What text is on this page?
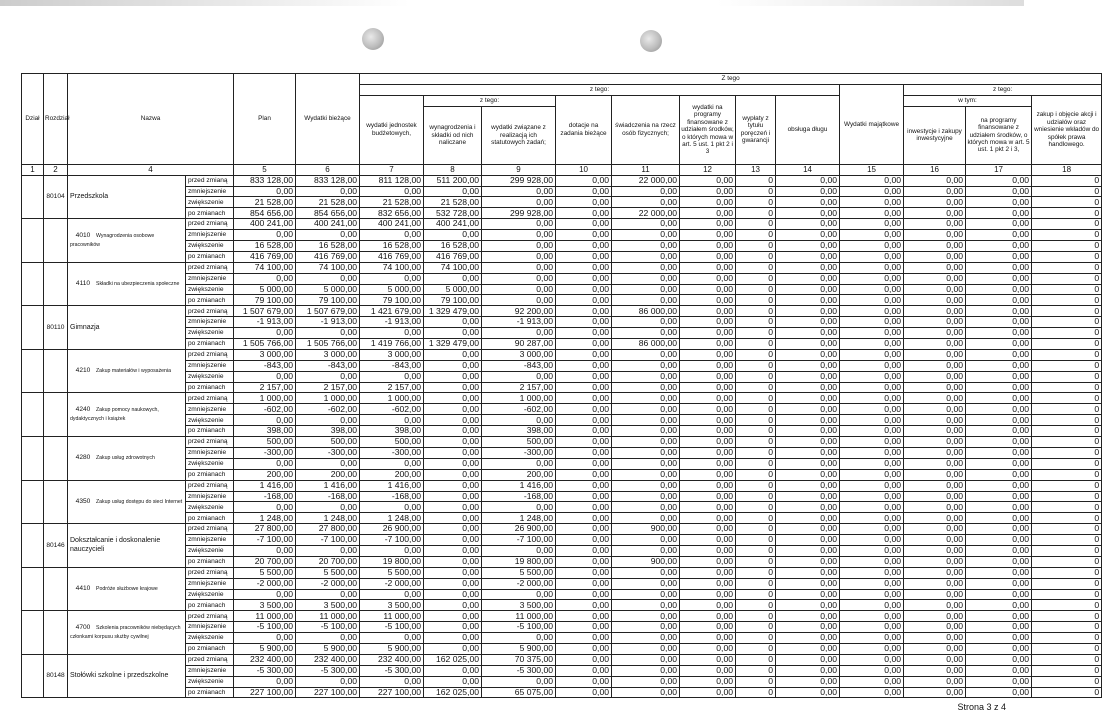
Dział	Rozdział	Nazwa		Plan	Wydatki bieżące	Z tego											
						z tego:								Wydatki majątkowe	z tego:		
						wydatki jednostek budżetowych,	z tego:		dotacje na zadania bieżące	świadczenia na rzecz osób fizycznych;	wydatki na programy finansowane z udziałem środków, o których mowa w art. 5 ust. 1 pkt 2 i 3	wypłaty z tytułu poręczeń i gwarancji	obsługa długu		w tym:		zakup i objęcie akcji i udziałów oraz wniesienie wkładów do spółek prawa handlowego.
							wynagrodzenia i składki od nich naliczane	wydatki związane z realizacją ich statutowych zadań;							inwestycje i zakupy inwestycyjne	na programy finansowane z udziałem środków, o których mowa w art. 5 ust. 1 pkt 2 i 3,	
1	2	4		5	6	7	8	9	10	11	12	13	14	15	16	17	18
	80104	Przedszkola	przed zmianą	833 128,00	833 128,00	811 128,00	511 200,00	299 928,00	0,00	22 000,00	0,00	0	0,00	0,00	0,00	0,00	0
			zmniejszenie	0,00	0,00	0,00	0,00	0,00	0,00	0,00	0,00	0	0,00	0,00	0,00	0,00	0
			zwiększenie	21 528,00	21 528,00	21 528,00	21 528,00	0,00	0,00	0,00	0,00	0	0,00	0,00	0,00	0,00	0
			po zmianach	854 656,00	854 656,00	832 656,00	532 728,00	299 928,00	0,00	22 000,00	0,00	0	0,00	0,00	0,00	0,00	0
		4010 Wynagrodzenia osobowe pracowników	przed zmianą	400 241,00	400 241,00	400 241,00	400 241,00	0,00	0,00	0,00	0,00	0	0,00	0,00	0,00	0,00	0
			zmniejszenie	0,00	0,00	0,00	0,00	0,00	0,00	0,00	0,00	0	0,00	0,00	0,00	0,00	0
			zwiększenie	16 528,00	16 528,00	16 528,00	16 528,00	0,00	0,00	0,00	0,00	0	0,00	0,00	0,00	0,00	0
			po zmianach	416 769,00	416 769,00	416 769,00	416 769,00	0,00	0,00	0,00	0,00	0	0,00	0,00	0,00	0,00	0
		4110 Składki na ubezpieczenia społeczne	przed zmianą	74 100,00	74 100,00	74 100,00	74 100,00	0,00	0,00	0,00	0,00	0	0,00	0,00	0,00	0,00	0
			zmniejszenie	0,00	0,00	0,00	0,00	0,00	0,00	0,00	0,00	0	0,00	0,00	0,00	0,00	0
			zwiększenie	5 000,00	5 000,00	5 000,00	5 000,00	0,00	0,00	0,00	0,00	0	0,00	0,00	0,00	0,00	0
			po zmianach	79 100,00	79 100,00	79 100,00	79 100,00	0,00	0,00	0,00	0,00	0	0,00	0,00	0,00	0,00	0
	80110	Gimnazja	przed zmianą	1 507 679,00	1 507 679,00	1 421 679,00	1 329 479,00	92 200,00	0,00	86 000,00	0,00	0	0,00	0,00	0,00	0,00	0
			zmniejszenie	-1 913,00	-1 913,00	-1 913,00	0,00	-1 913,00	0,00	0,00	0,00	0	0,00	0,00	0,00	0,00	0
			zwiększenie	0,00	0,00	0,00	0,00	0,00	0,00	0,00	0,00	0	0,00	0,00	0,00	0,00	0
			po zmianach	1 505 766,00	1 505 766,00	1 419 766,00	1 329 479,00	90 287,00	0,00	86 000,00	0,00	0	0,00	0,00	0,00	0,00	0
		4210 Zakup materiałów i wyposażenia	przed zmianą	3 000,00	3 000,00	3 000,00	0,00	3 000,00	0,00	0,00	0,00	0	0,00	0,00	0,00	0,00	0
			zmniejszenie	-843,00	-843,00	-843,00	0,00	-843,00	0,00	0,00	0,00	0	0,00	0,00	0,00	0,00	0
			zwiększenie	0,00	0,00	0,00	0,00	0,00	0,00	0,00	0,00	0	0,00	0,00	0,00	0,00	0
			po zmianach	2 157,00	2 157,00	2 157,00	0,00	2 157,00	0,00	0,00	0,00	0	0,00	0,00	0,00	0,00	0
		4240 Zakup pomocy naukowych, dydaktycznych i książek	przed zmianą	1 000,00	1 000,00	1 000,00	0,00	1 000,00	0,00	0,00	0,00	0	0,00	0,00	0,00	0,00	0
			zmniejszenie	-602,00	-602,00	-602,00	0,00	-602,00	0,00	0,00	0,00	0	0,00	0,00	0,00	0,00	0
			zwiększenie	0,00	0,00	0,00	0,00	0,00	0,00	0,00	0,00	0	0,00	0,00	0,00	0,00	0
			po zmianach	398,00	398,00	398,00	0,00	398,00	0,00	0,00	0,00	0	0,00	0,00	0,00	0,00	0
		4280 Zakup usług zdrowotnych	przed zmianą	500,00	500,00	500,00	0,00	500,00	0,00	0,00	0,00	0	0,00	0,00	0,00	0,00	0
			zmniejszenie	-300,00	-300,00	-300,00	0,00	-300,00	0,00	0,00	0,00	0	0,00	0,00	0,00	0,00	0
			zwiększenie	0,00	0,00	0,00	0,00	0,00	0,00	0,00	0,00	0	0,00	0,00	0,00	0,00	0
			po zmianach	200,00	200,00	200,00	0,00	200,00	0,00	0,00	0,00	0	0,00	0,00	0,00	0,00	0
		4350 Zakup usług dostępu do sieci Internet	przed zmianą	1 416,00	1 416,00	1 416,00	0,00	1 416,00	0,00	0,00	0,00	0	0,00	0,00	0,00	0,00	0
			zmniejszenie	-168,00	-168,00	-168,00	0,00	-168,00	0,00	0,00	0,00	0	0,00	0,00	0,00	0,00	0
			zwiększenie	0,00	0,00	0,00	0,00	0,00	0,00	0,00	0,00	0	0,00	0,00	0,00	0,00	0
			po zmianach	1 248,00	1 248,00	1 248,00	0,00	1 248,00	0,00	0,00	0,00	0	0,00	0,00	0,00	0,00	0
	80146	Dokształcanie i doskonalenie nauczycieli	przed zmianą	27 800,00	27 800,00	26 900,00	0,00	26 900,00	0,00	900,00	0,00	0	0,00	0,00	0,00	0,00	0
			zmniejszenie	-7 100,00	-7 100,00	-7 100,00	0,00	-7 100,00	0,00	0,00	0,00	0	0,00	0,00	0,00	0,00	0
			zwiększenie	0,00	0,00	0,00	0,00	0,00	0,00	0,00	0,00	0	0,00	0,00	0,00	0,00	0
			po zmianach	20 700,00	20 700,00	19 800,00	0,00	19 800,00	0,00	900,00	0,00	0	0,00	0,00	0,00	0,00	0
		4410 Podróże służbowe krajowe	przed zmianą	5 500,00	5 500,00	5 500,00	0,00	5 500,00	0,00	0,00	0,00	0	0,00	0,00	0,00	0,00	0
			zmniejszenie	-2 000,00	-2 000,00	-2 000,00	0,00	-2 000,00	0,00	0,00	0,00	0	0,00	0,00	0,00	0,00	0
			zwiększenie	0,00	0,00	0,00	0,00	0,00	0,00	0,00	0,00	0	0,00	0,00	0,00	0,00	0
			po zmianach	3 500,00	3 500,00	3 500,00	0,00	3 500,00	0,00	0,00	0,00	0	0,00	0,00	0,00	0,00	0
		4700 Szkolenia pracowników niebędących członkami korpusu służby cywilnej	przed zmianą	11 000,00	11 000,00	11 000,00	0,00	11 000,00	0,00	0,00	0,00	0	0,00	0,00	0,00	0,00	0
			zmniejszenie	-5 100,00	-5 100,00	-5 100,00	0,00	-5 100,00	0,00	0,00	0,00	0	0,00	0,00	0,00	0,00	0
			zwiększenie	0,00	0,00	0,00	0,00	0,00	0,00	0,00	0,00	0	0,00	0,00	0,00	0,00	0
			po zmianach	5 900,00	5 900,00	5 900,00	0,00	5 900,00	0,00	0,00	0,00	0	0,00	0,00	0,00	0,00	0
	80148	Stołówki szkolne i przedszkolne	przed zmianą	232 400,00	232 400,00	232 400,00	162 025,00	70 375,00	0,00	0,00	0,00	0	0,00	0,00	0,00	0,00	0
			zmniejszenie	-5 300,00	-5 300,00	-5 300,00	0,00	-5 300,00	0,00	0,00	0,00	0	0,00	0,00	0,00	0,00	0
			zwiększenie	0,00	0,00	0,00	0,00	0,00	0,00	0,00	0,00	0	0,00	0,00	0,00	0,00	0
			po zmianach	227 100,00	227 100,00	227 100,00	162 025,00	65 075,00	0,00	0,00	0,00	0	0,00	0,00	0,00	0,00	0
Strona 3 z 4
